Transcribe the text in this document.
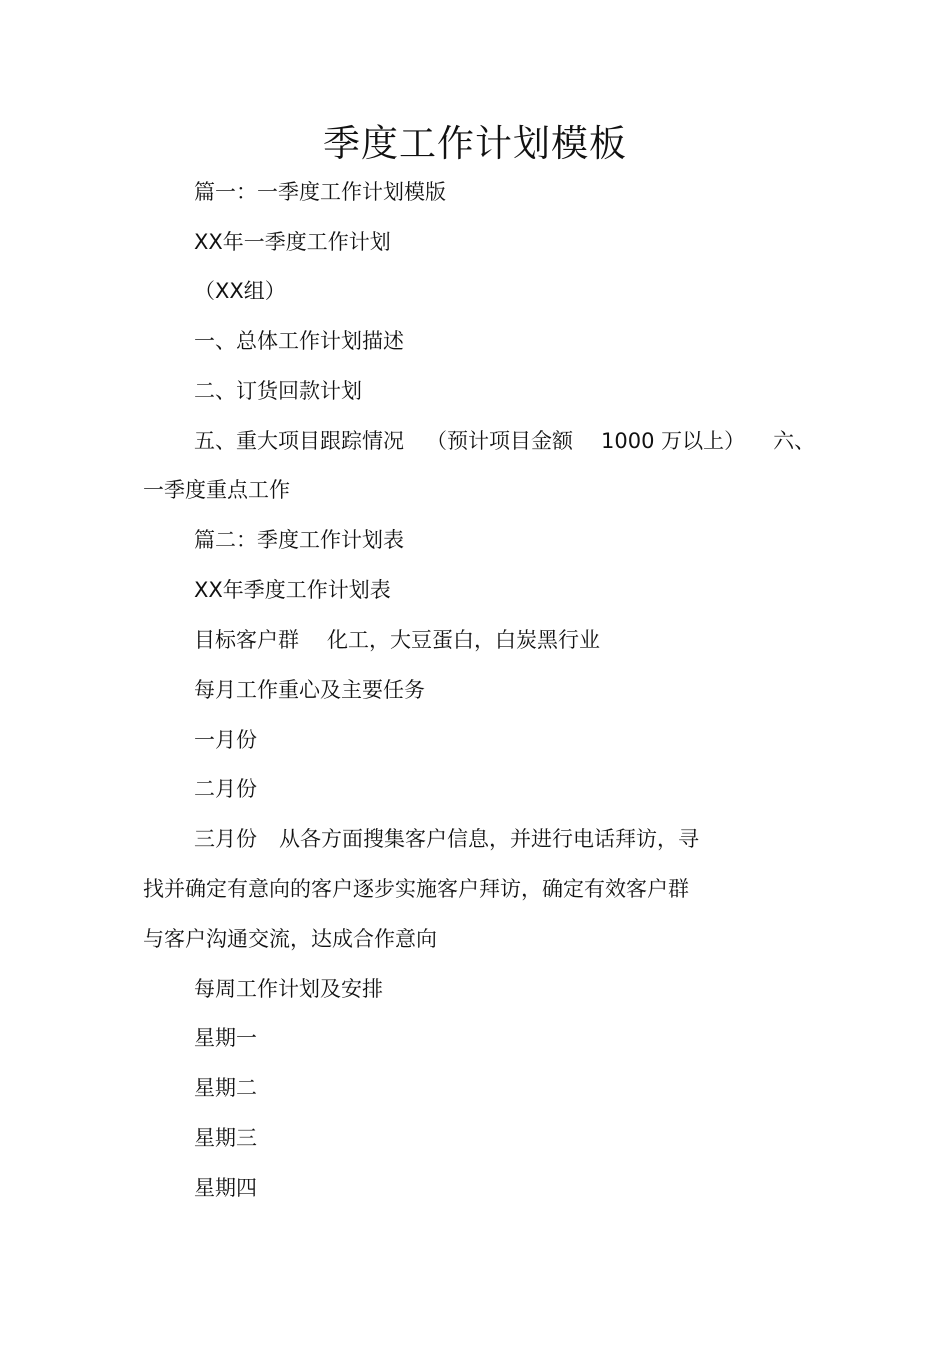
季度工作计划模板
篇一：一季度工作计划模版
XX年一季度工作计划
（XX组）
一、总体工作计划描述
二、订货回款计划
五、重大项目跟踪情况 （预计项目金额 1000 万以上） 六、
一季度重点工作
篇二：季度工作计划表
XX年季度工作计划表
目标客户群 化工，大豆蛋白，白炭黑行业
每月工作重心及主要任务
一月份
二月份
三月份 从各方面搜集客户信息，并进行电话拜访，寻
找并确定有意向的客户逐步实施客户拜访，确定有效客户群
与客户沟通交流，达成合作意向
每周工作计划及安排
星期一
星期二
星期三
星期四
